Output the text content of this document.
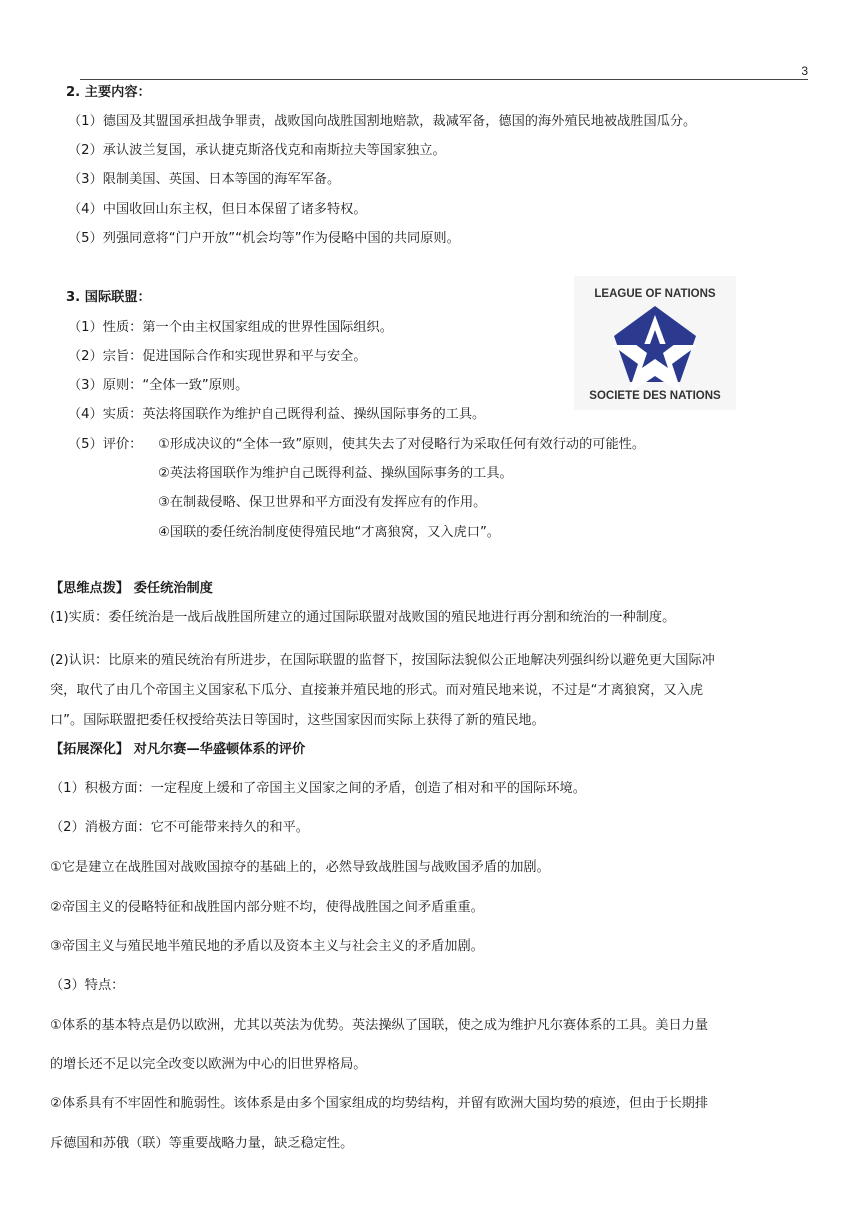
3
2. 主要内容：
（1）德国及其盟国承担战争罪责，战败国向战胜国割地赔款，裁减军备，德国的海外殖民地被战胜国瓜分。
（2）承认波兰复国，承认捷克斯洛伐克和南斯拉夫等国家独立。
（3）限制美国、英国、日本等国的海军军备。
（4）中国收回山东主权，但日本保留了诸多特权。
（5）列强同意将“门户开放”“机会均等”作为侵略中国的共同原则。
3. 国际联盟：
（1）性质：第一个由主权国家组成的世界性国际组织。
（2）宗旨：促进国际合作和实现世界和平与安全。
（3）原则：“全体一致”原则。
（4）实质：英法将国联作为维护自己既得利益、操纵国际事务的工具。
（5）评价： ①形成决议的“全体一致”原则，使其失去了对侵略行为采取任何有效行动的可能性。
②英法将国联作为维护自己既得利益、操纵国际事务的工具。
③在制裁侵略、保卫世界和平方面没有发挥应有的作用。
④国联的委任统治制度使得殖民地“才离狼窝，又入虎口”。
LEAGUE OF NATIONS
SOCIETE DES NATIONS
【思维点拨】 委任统治制度
(1)实质：委任统治是一战后战胜国所建立的通过国际联盟对战败国的殖民地进行再分割和统治的一种制度。
(2)认识：比原来的殖民统治有所进步，在国际联盟的监督下，按国际法貌似公正地解决列强纠纷以避免更大国际冲
突，取代了由几个帝国主义国家私下瓜分、直接兼并殖民地的形式。而对殖民地来说，不过是“才离狼窝，又入虎
口”。国际联盟把委任权授给英法日等国时，这些国家因而实际上获得了新的殖民地。
【拓展深化】 对凡尔赛—华盛顿体系的评价
（1）积极方面：一定程度上缓和了帝国主义国家之间的矛盾，创造了相对和平的国际环境。
（2）消极方面：它不可能带来持久的和平。
①它是建立在战胜国对战败国掠夺的基础上的，必然导致战胜国与战败国矛盾的加剧。
②帝国主义的侵略特征和战胜国内部分赃不均，使得战胜国之间矛盾重重。
③帝国主义与殖民地半殖民地的矛盾以及资本主义与社会主义的矛盾加剧。
（3）特点：
①体系的基本特点是仍以欧洲，尤其以英法为优势。英法操纵了国联，使之成为维护凡尔赛体系的工具。美日力量
的增长还不足以完全改变以欧洲为中心的旧世界格局。
②体系具有不牢固性和脆弱性。该体系是由多个国家组成的均势结构，并留有欧洲大国均势的痕迹，但由于长期排
斥德国和苏俄（联）等重要战略力量，缺乏稳定性。
